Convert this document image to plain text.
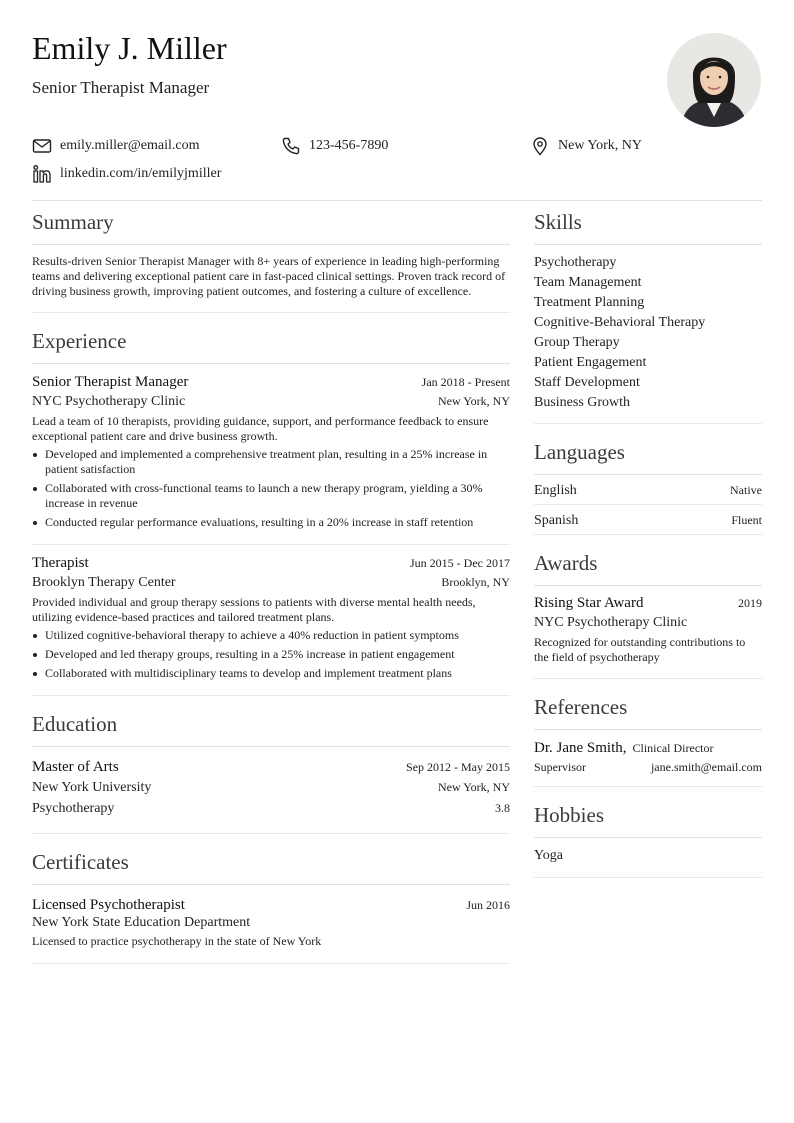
Emily J. Miller
Senior Therapist Manager
emily.miller@email.com	123-456-7890	New York, NY
linkedin.com/in/emilyjmiller
Summary
Results-driven Senior Therapist Manager with 8+ years of experience in leading high-performing teams and delivering exceptional patient care in fast-paced clinical settings. Proven track record of driving business growth, improving patient outcomes, and fostering a culture of excellence.
Experience
Senior Therapist Manager	Jan 2018 - Present
NYC Psychotherapy Clinic	New York, NY
Lead a team of 10 therapists, providing guidance, support, and performance feedback to ensure exceptional patient care and drive business growth.
Developed and implemented a comprehensive treatment plan, resulting in a 25% increase in patient satisfaction
Collaborated with cross-functional teams to launch a new therapy program, yielding a 30% increase in revenue
Conducted regular performance evaluations, resulting in a 20% increase in staff retention
Therapist	Jun 2015 - Dec 2017
Brooklyn Therapy Center	Brooklyn, NY
Provided individual and group therapy sessions to patients with diverse mental health needs, utilizing evidence-based practices and tailored treatment plans.
Utilized cognitive-behavioral therapy to achieve a 40% reduction in patient symptoms
Developed and led therapy groups, resulting in a 25% increase in patient engagement
Collaborated with multidisciplinary teams to develop and implement treatment plans
Education
Master of Arts	Sep 2012 - May 2015
New York University	New York, NY
Psychotherapy	3.8
Certificates
Licensed Psychotherapist	Jun 2016
New York State Education Department
Licensed to practice psychotherapy in the state of New York
Skills
Psychotherapy
Team Management
Treatment Planning
Cognitive-Behavioral Therapy
Group Therapy
Patient Engagement
Staff Development
Business Growth
Languages
English	Native
Spanish	Fluent
Awards
Rising Star Award	2019
NYC Psychotherapy Clinic
Recognized for outstanding contributions to the field of psychotherapy
References
Dr. Jane Smith, Clinical Director
Supervisor	jane.smith@email.com
Hobbies
Yoga
